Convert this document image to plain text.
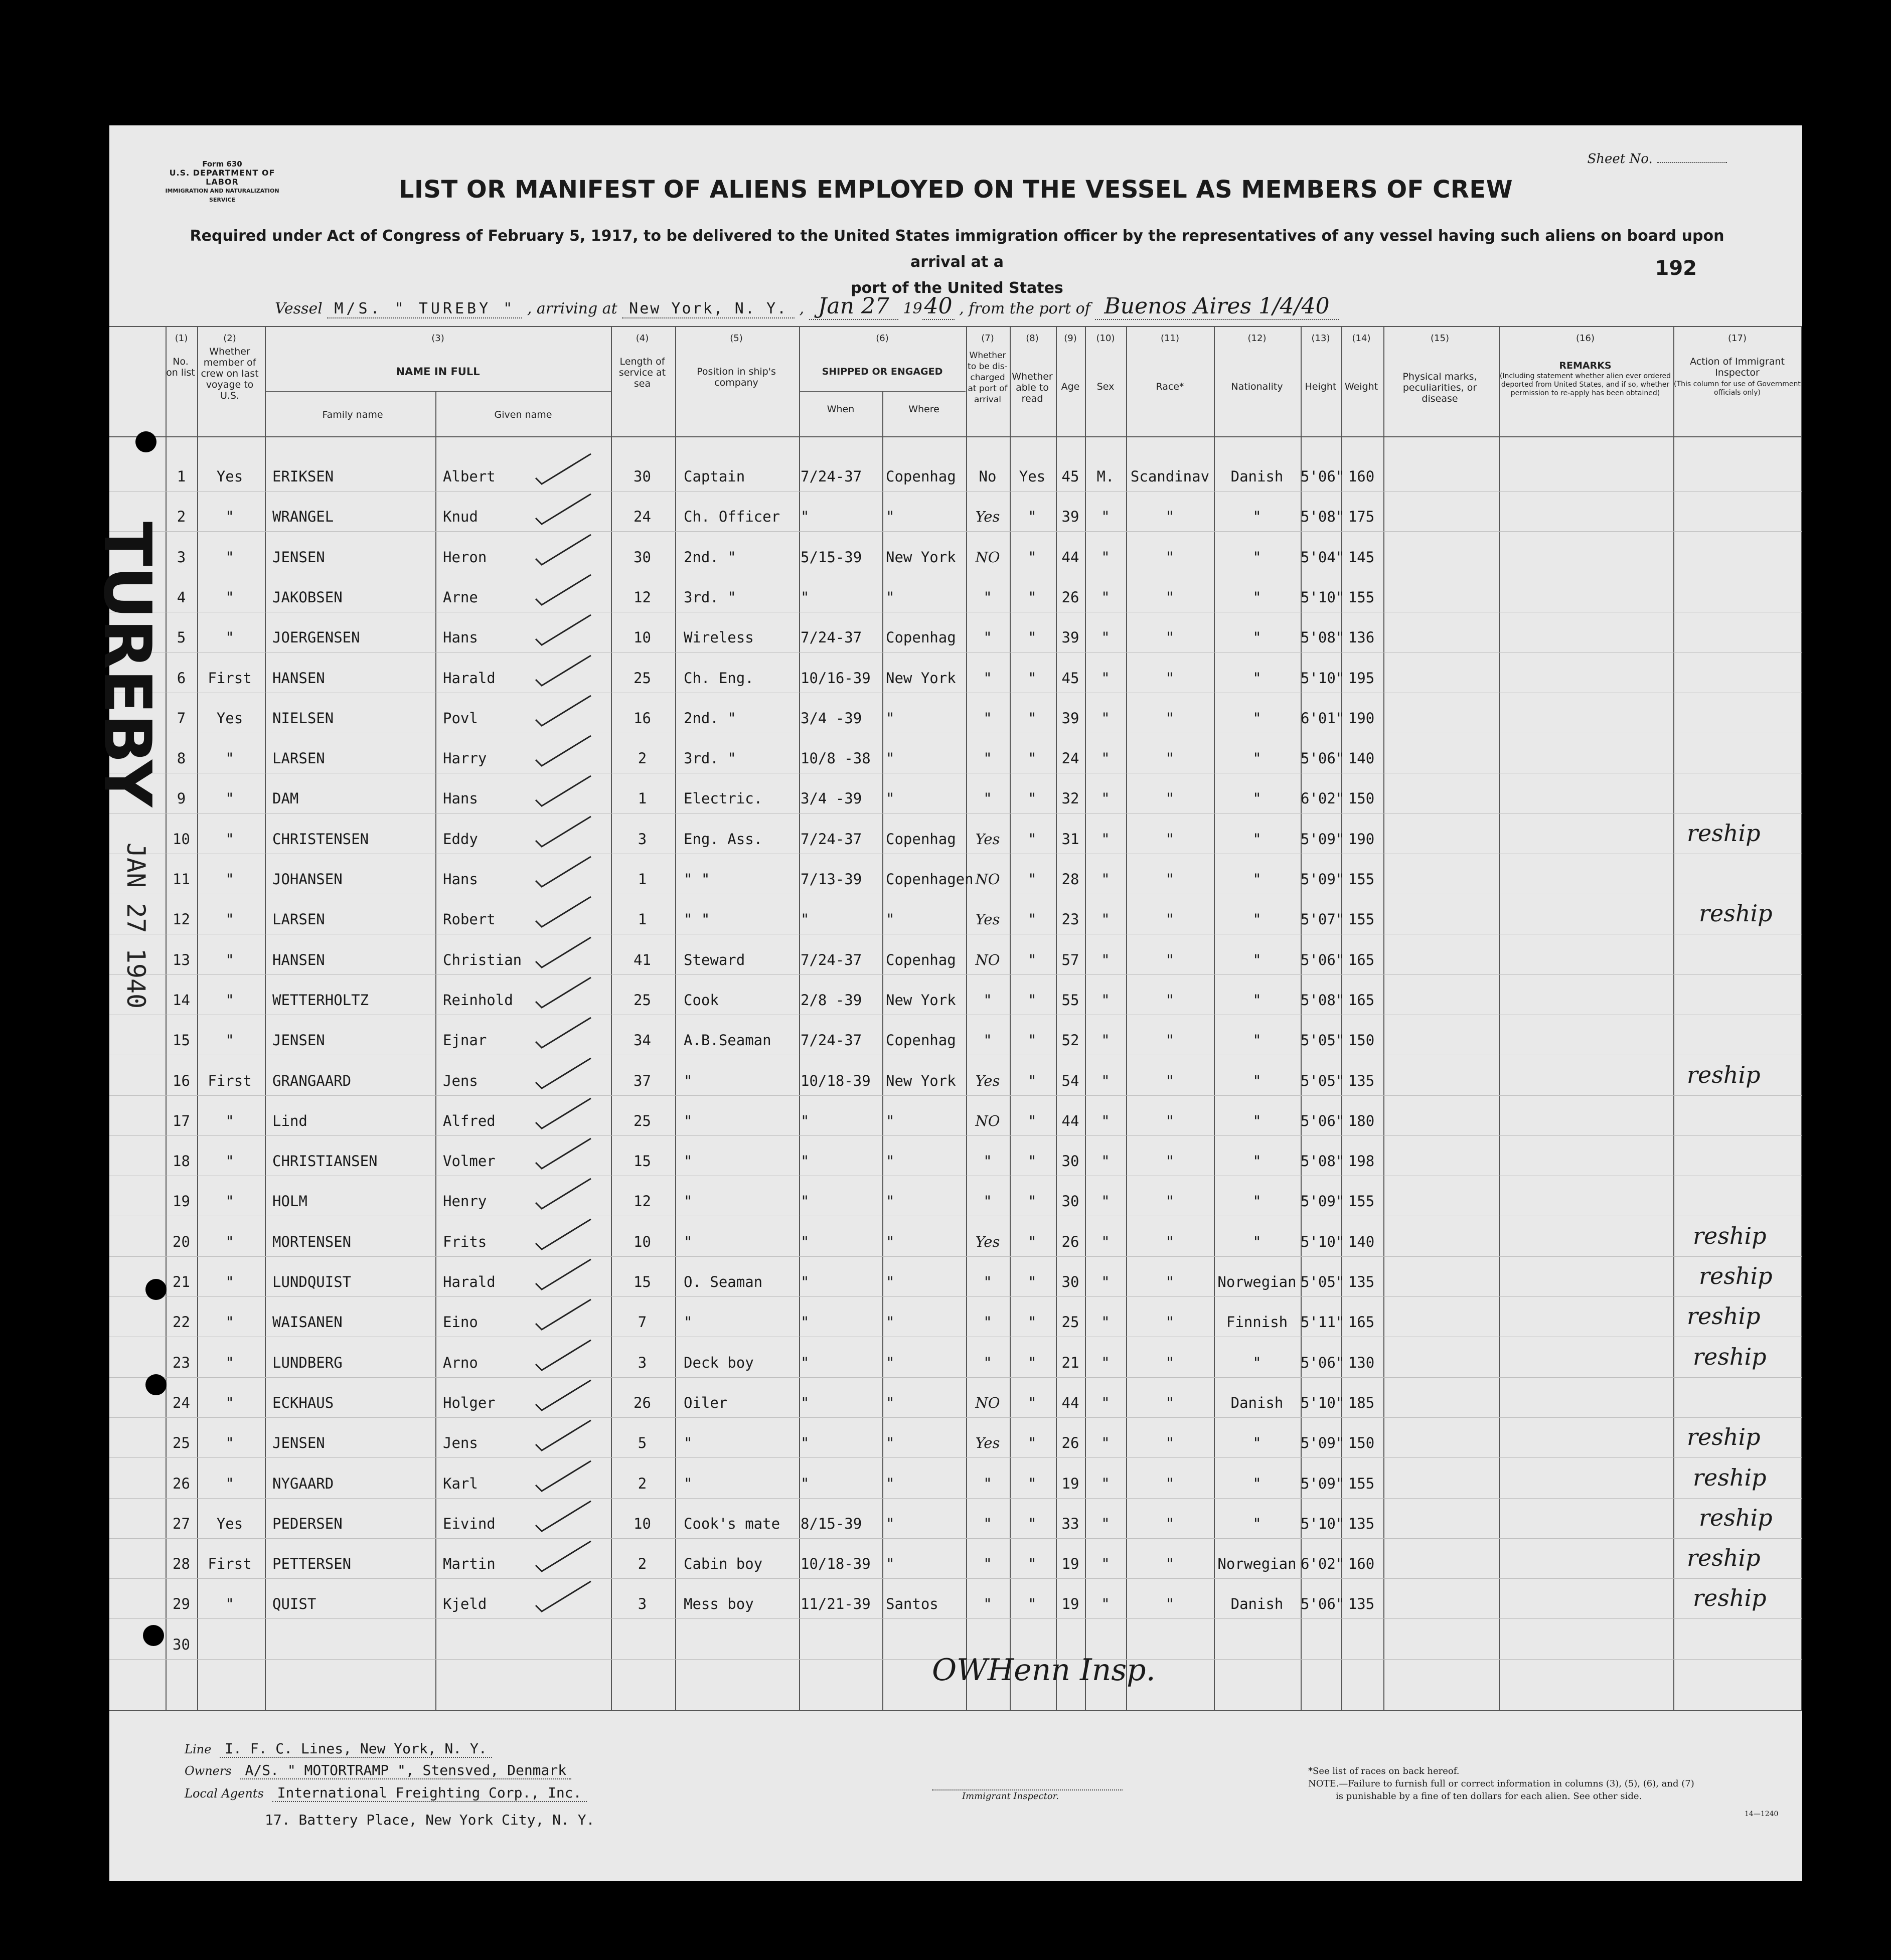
Form 630
U.S. DEPARTMENT OF LABOR
IMMIGRATION AND NATURALIZATION SERVICE
Sheet No.
LIST OR MANIFEST OF ALIENS EMPLOYED ON THE VESSEL AS MEMBERS OF CREW
Required under Act of Congress of February 5, 1917, to be delivered to the United States immigration officer by the representatives of any vessel having such aliens on board upon arrival at a
port of the United States
192
Vessel M/S. " TUREBY " , arriving at New York, N. Y. , Jan 27 1940 , from the port of Buenos Aires 1/4/40
(1)	(2)	(3)	(4)	(5)	(6)	(7)	(8)	(9)	(10)	(11)	(12)	(13)	(14)	(15)	(16)	(17)
No. on list
Whether member of crew on last voyage to U.S.
NAME IN FULL
Family name	Given name
Length of service at sea
Position in ship's company
SHIPPED OR ENGAGED
When	Where
Whether to be dis-charged at port of arrival
Whether able to read
Age	Sex	Race*	Nationality	Height Weight
Physical marks, peculiarities, or disease
REMARKS
(Including statement whether alien ever ordered deported from United States, and if so, whether permission to re-apply has been obtained)
Action of Immigrant Inspector
(This column for use of Government officials only)
1	Yes	ERIKSEN	Albert	30	Captain	7/24-37	Copenhag	No	Yes	45	M.	Scandinav	Danish	5'06" 160
2	"	WRANGEL	Knud	24	Ch. Officer	"	"	Yes	"	39	"	"	"	5'08" 175
3	"	JENSEN	Heron	30	2nd. "	5/15-39	New York	NO	"	44	"	"	"	5'04" 145
4	"	JAKOBSEN	Arne	12	3rd. "	"	"	"	"	26	"	"	"	5'10" 155
5	"	JOERGENSEN	Hans	10	Wireless	7/24-37	Copenhag	"	"	39	"	"	"	5'08" 136
6	First	HANSEN	Harald	25	Ch. Eng.	10/16-39	New York	"	"	45	"	"	"	5'10" 195
7	Yes	NIELSEN	Povl	16	2nd. "	3/4 -39	"	"	"	39	"	"	"	6'01" 190
8	"	LARSEN	Harry	2	3rd. "	10/8 -38	"	"	"	24	"	"	"	5'06" 140
9	"	DAM	Hans	1	Electric.	3/4 -39	"	"	"	32	"	"	"	6'02" 150
10	"	CHRISTENSEN	Eddy	3	Eng. Ass.	7/24-37	Copenhag	Yes	"	31	"	"	"	5'09" 190	reship
11	"	JOHANSEN	Hans	1	" "	7/13-39	Copenhagen NO	"	28	"	"	"	5'09" 155
12	"	LARSEN	Robert	1	" "	"	"	Yes	"	23	"	"	"	5'07" 155	reship
13	"	HANSEN	Christian	41	Steward	7/24-37	Copenhag	NO	"	57	"	"	"	5'06" 165
14	"	WETTERHOLTZ	Reinhold	25	Cook	2/8 -39	New York	"	"	55	"	"	"	5'08" 165
15	"	JENSEN	Ejnar	34	A.B.Seaman	7/24-37	Copenhag	"	"	52	"	"	"	5'05" 150
16	First	GRANGAARD	Jens	37	"	10/18-39	New York	Yes	"	54	"	"	"	5'05" 135	reship
17	"	Lind	Alfred	25	"	"	"	NO	"	44	"	"	"	5'06" 180
18	"	CHRISTIANSEN	Volmer	15	"	"	"	"	"	30	"	"	"	5'08" 198
19	"	HOLM	Henry	12	"	"	"	"	"	30	"	"	"	5'09" 155
20	"	MORTENSEN	Frits	10	"	"	"	Yes	"	26	"	"	"	5'10" 140	reship
21	"	LUNDQUIST	Harald	15	O. Seaman	"	"	"	"	30	"	"	Norwegian 5'05" 135	reship
22	"	WAISANEN	Eino	7	"	"	"	"	"	25	"	"	Finnish 5'11" 165	reship
23	"	LUNDBERG	Arno	3	Deck boy	"	"	"	"	21	"	"	"	5'06" 130	reship
24	"	ECKHAUS	Holger	26	Oiler	"	"	NO	"	44	"	"	Danish	5'10" 185
25	"	JENSEN	Jens	5	"	"	"	Yes	"	26	"	"	"	5'09" 150	reship
26	"	NYGAARD	Karl	2	"	"	"	"	"	19	"	"	"	5'09" 155	reship
27	Yes	PEDERSEN	Eivind	10	Cook's mate	8/15-39	"	"	"	33	"	"	"	5'10" 135	reship
28	First	PETTERSEN	Martin	2	Cabin boy	10/18-39	"	"	"	19	"	"	Norwegian 6'02" 160	reship
29	"	QUIST	Kjeld	3	Mess boy	11/21-39	Santos	"	"	19	"	"	Danish	5'06" 135	reship
30
OWHenn Insp.
Line I. F. C. Lines, New York, N. Y.
Owners A/S. " MOTORTRAMP ", Stensved, Denmark
Local Agents International Freighting Corp., Inc.
17. Battery Place, New York City, N. Y.
Immigrant Inspector.
*See list of races on back hereof.
NOTE.—Failure to furnish full or correct information in columns (3), (5), (6), and (7)
is punishable by a fine of ten dollars for each alien. See other side.
14—1240
TUREBY
JAN 27 1940
